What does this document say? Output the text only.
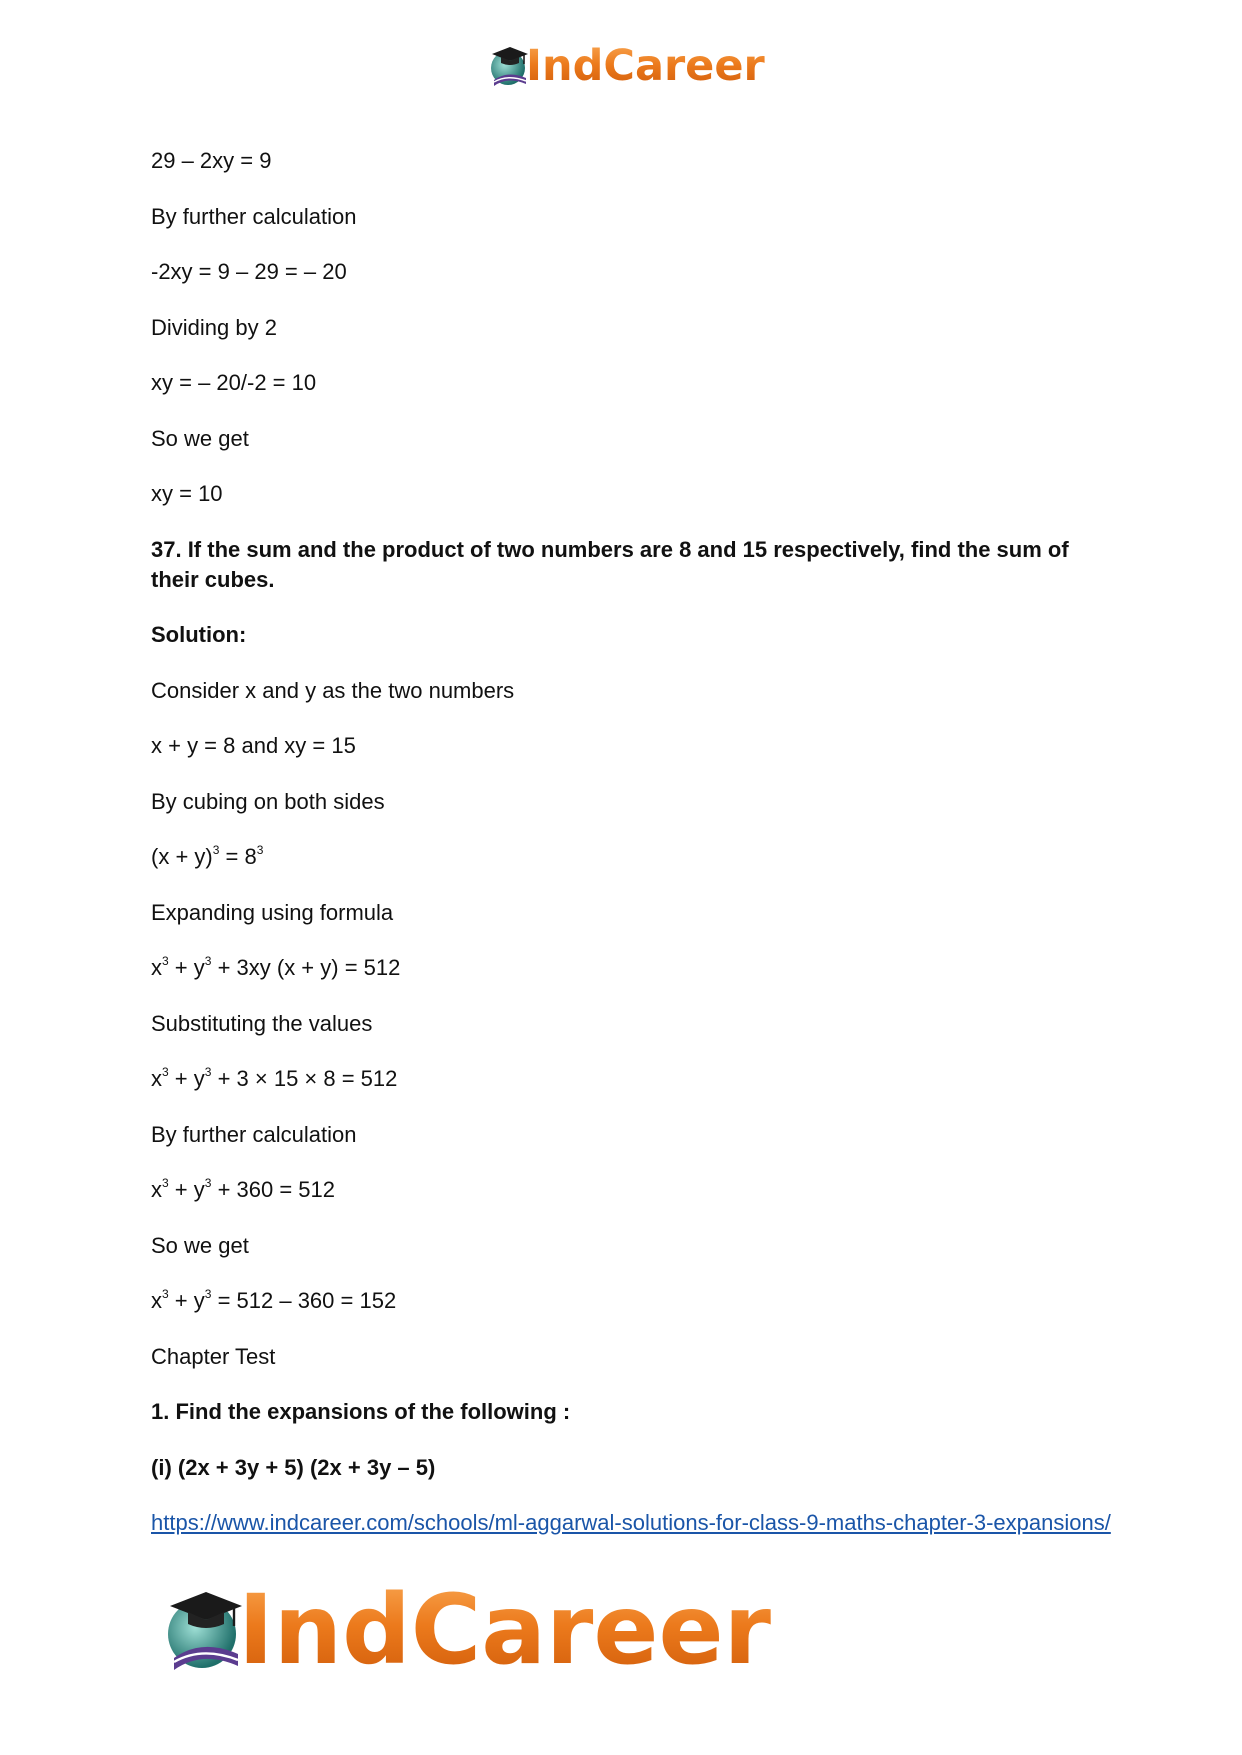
IndCareer
29 – 2xy = 9
By further calculation
-2xy = 9 – 29 = – 20
Dividing by 2
xy = – 20/-2 = 10
So we get
xy = 10
37. If the sum and the product of two numbers are 8 and 15 respectively, find the sum of their cubes.
Solution:
Consider x and y as the two numbers
x + y = 8 and xy = 15
By cubing on both sides
$(x + y)^3 = 8^3$
Expanding using formula
$x^3 + y^3 + 3xy$ (x + y) = 512
Substituting the values
$x^3 + y^3 + 3 \times 15 \times 8 = 512$
By further calculation
$x^3 + y^3 + 360 = 512$
So we get
$x^3 + y^3 = 512 - 360 = 152$
Chapter Test
1. Find the expansions of the following :
(i) (2x + 3y + 5) (2x + 3y – 5)
https://www.indcareer.com/schools/ml-aggarwal-solutions-for-class-9-maths-chapter-3-expansions/
IndCareer
